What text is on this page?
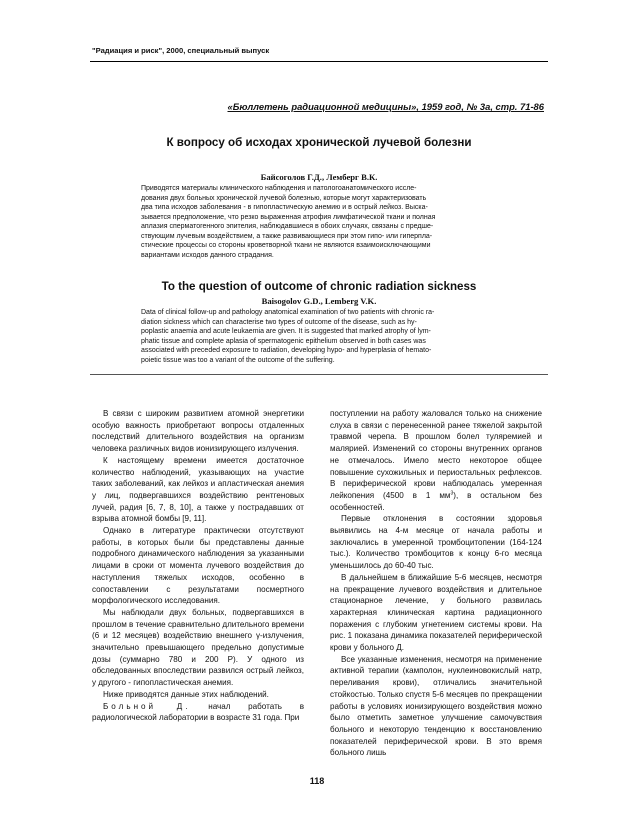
"Радиация и риск", 2000, специальный выпуск
«Бюллетень радиационной медицины», 1959 год, № 3а, стр. 71-86
К вопросу об исходах хронической лучевой болезни
Байсоголов Г.Д., Лемберг В.К.
Приводятся материалы клинического наблюдения и патологоанатомического иссле-
дования двух больных хронической лучевой болезнью, которые могут характеризовать
два типа исходов заболевания - в гипопластическую анемию и в острый лейкоз. Выска-
зывается предположение, что резко выраженная атрофия лимфатической ткани и полная
аплазия сперматогенного эпителия, наблюдавшиеся в обоих случаях, связаны с предше-
ствующим лучевым воздействием, а также развивающиеся при этом гипо- или гиперпла-
стические процессы со стороны кроветворной ткани не являются взаимоисключающими
вариантами исходов данного страдания.
To the question of outcome of chronic radiation sickness
Baisogolov G.D., Lemberg V.K.
Data of clinical follow-up and pathology anatomical examination of two patients with chronic ra-
diation sickness which can characterise two types of outcome of the disease, such as hy-
poplastic anaemia and acute leukaemia are given. It is suggested that marked atrophy of lym-
phatic tissue and complete aplasia of spermatogenic epithelium observed in both cases was
associated with preceded exposure to radiation, developing hypo- and hyperplasia of hemato-
poietic tissue was too a variant of the outcome of the suffering.

В связи с широким развитием атомной энергетики особую важность приобретают вопросы отдаленных последствий длительного воздействия на организм человека различных видов ионизирующего излучения.

К настоящему времени имеется достаточное количество наблюдений, указывающих на участие таких заболеваний, как лейкоз и апластическая анемия у лиц, подвергавшихся воздействию рентгеновых лучей, радия [6, 7, 8, 10], а также у пострадавших от взрыва атомной бомбы [9, 11].

Однако в литературе практически отсутствуют работы, в которых были бы представлены данные подробного динамического наблюдения за указанными лицами в сроки от момента лучевого воздействия до наступления тяжелых исходов, особенно в сопоставлении с результатами посмертного морфологического исследования.

Мы наблюдали двух больных, подвергавшихся в прошлом в течение сравнительно длительного времени (6 и 12 месяцев) воздействию внешнего γ-излучения, значительно превышающего предельно допустимые дозы (суммарно 780 и 200 Р). У одного из обследованных впоследствии развился острый лейкоз, у другого - гипопластическая анемия.

Ниже приводятся данные этих наблюдений.

Больной Д. начал работать в радиологической лаборатории в возрасте 31 года. При

поступлении на работу жаловался только на снижение слуха в связи с перенесенной ранее тяжелой закрытой травмой черепа. В прошлом болел туляремией и малярией. Изменений со стороны внутренних органов не отмечалось. Имело место некоторое общее повышение сухожильных и периостальных рефлексов. В периферической крови наблюдалась умеренная лейкопения (4500 в 1 $мм^3$), в остальном без особенностей.

Первые отклонения в состоянии здоровья выявились на 4-м месяце от начала работы и заключались в умеренной тромбоцитопении (164-124 тыс.). Количество тромбоцитов к концу 6-го месяца уменьшилось до 60-40 тыс.

В дальнейшем в ближайшие 5-6 месяцев, несмотря на прекращение лучевого воздействия и длительное стационарное лечение, у больного развилась характерная клиническая картина радиационного поражения с глубоким угнетением системы крови. На рис. 1 показана динамика показателей периферической крови у больного Д.

Все указанные изменения, несмотря на применение активной терапии (камполон, нуклеиновокислый натр, переливания крови), отличались значительной стойкостью. Только спустя 5-6 месяцев по прекращении работы в условиях ионизирующего воздействия можно было отметить заметное улучшение самочувствия больного и некоторую тенденцию к восстановлению показателей периферической крови. В это время больного лишь

118
